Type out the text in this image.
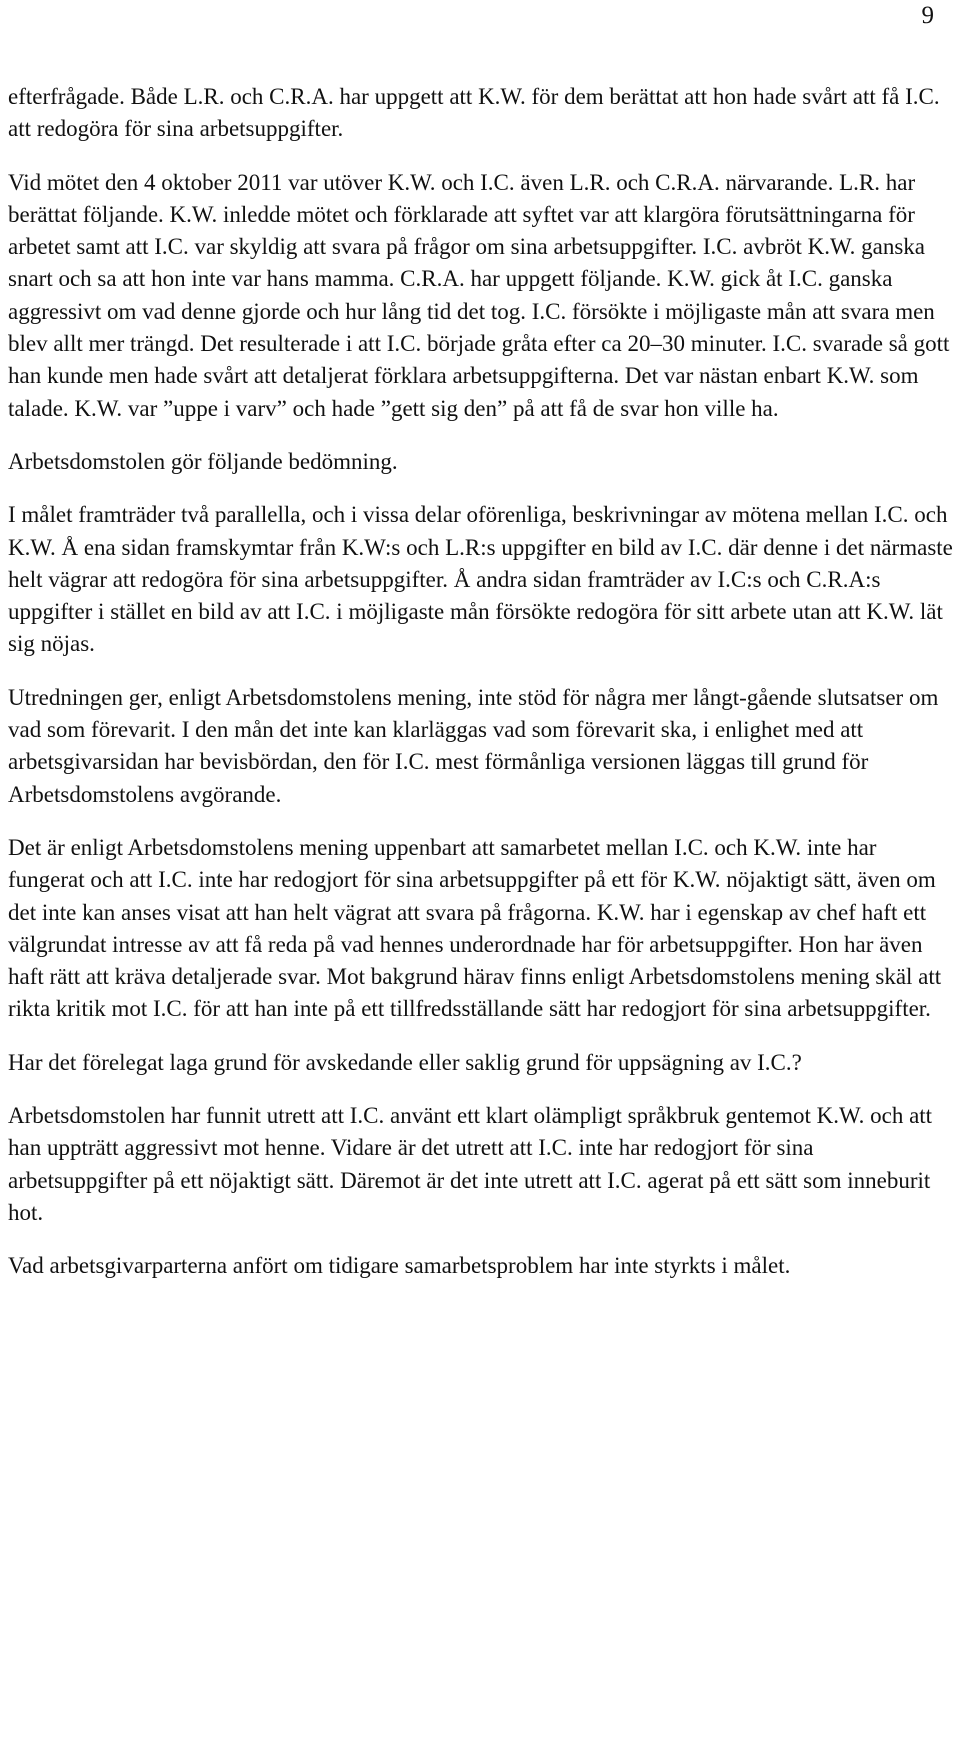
9

efterfrågade. Både L.R. och C.R.A. har uppgett att K.W. för dem berättat att hon hade svårt att få I.C. att redogöra för sina arbetsuppgifter.

Vid mötet den 4 oktober 2011 var utöver K.W. och I.C. även L.R. och C.R.A. närvarande. L.R. har berättat följande. K.W. inledde mötet och förklarade att syftet var att klargöra förutsättningarna för arbetet samt att I.C. var skyldig att svara på frågor om sina arbetsuppgifter. I.C. avbröt K.W. ganska snart och sa att hon inte var hans mamma. C.R.A. har uppgett följande. K.W. gick åt I.C. ganska aggressivt om vad denne gjorde och hur lång tid det tog. I.C. försökte i möjligaste mån att svara men blev allt mer trängd. Det resulterade i att I.C. började gråta efter ca 20–30 minuter. I.C. svarade så gott han kunde men hade svårt att detaljerat förklara arbetsuppgifterna. Det var nästan enbart K.W. som talade. K.W. var ”uppe i varv” och hade ”gett sig den” på att få de svar hon ville ha.

Arbetsdomstolen gör följande bedömning.

I målet framträder två parallella, och i vissa delar oförenliga, beskrivningar av mötena mellan I.C. och K.W. Å ena sidan framskymtar från K.W:s och L.R:s uppgifter en bild av I.C. där denne i det närmaste helt vägrar att redogöra för sina arbetsuppgifter. Å andra sidan framträder av I.C:s och C.R.A:s uppgifter i stället en bild av att I.C. i möjligaste mån försökte redogöra för sitt arbete utan att K.W. lät sig nöjas.

Utredningen ger, enligt Arbetsdomstolens mening, inte stöd för några mer långt-gående slutsatser om vad som förevarit. I den mån det inte kan klarläggas vad som förevarit ska, i enlighet med att arbetsgivarsidan har bevisbördan, den för I.C. mest förmånliga versionen läggas till grund för Arbetsdomstolens avgörande.

Det är enligt Arbetsdomstolens mening uppenbart att samarbetet mellan I.C. och K.W. inte har fungerat och att I.C. inte har redogjort för sina arbetsuppgifter på ett för K.W. nöjaktigt sätt, även om det inte kan anses visat att han helt vägrat att svara på frågorna. K.W. har i egenskap av chef haft ett välgrundat intresse av att få reda på vad hennes underordnade har för arbetsuppgifter. Hon har även haft rätt att kräva detaljerade svar. Mot bakgrund härav finns enligt Arbetsdomstolens mening skäl att rikta kritik mot I.C. för att han inte på ett tillfredsställande sätt har redogjort för sina arbetsuppgifter.

Har det förelegat laga grund för avskedande eller saklig grund för uppsägning av I.C.?

Arbetsdomstolen har funnit utrett att I.C. använt ett klart olämpligt språkbruk gentemot K.W. och att han uppträtt aggressivt mot henne. Vidare är det utrett att I.C. inte har redogjort för sina arbetsuppgifter på ett nöjaktigt sätt. Däremot är det inte utrett att I.C. agerat på ett sätt som inneburit hot.

Vad arbetsgivarparterna anfört om tidigare samarbetsproblem har inte styrkts i målet.
